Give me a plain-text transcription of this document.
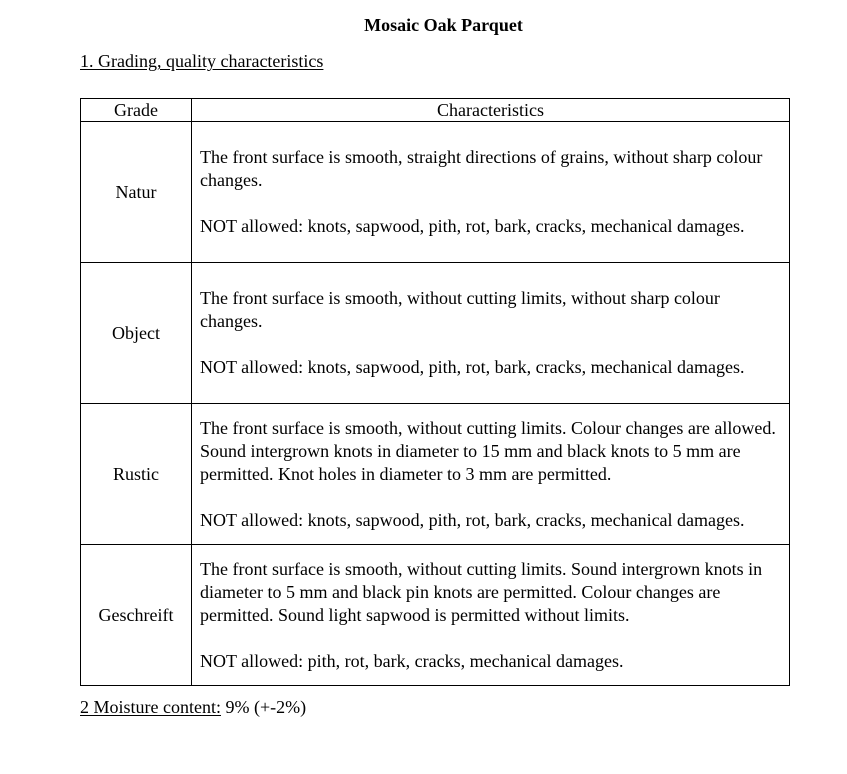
Mosaic Oak Parquet
1. Grading, quality characteristics
Grade	Characteristics
Natur	The front surface is smooth, straight directions of grains, without sharp colour changes.

NOT allowed: knots, sapwood, pith, rot, bark, cracks, mechanical damages.

Object	The front surface is smooth, without cutting limits, without sharp colour changes.

NOT allowed: knots, sapwood, pith, rot, bark, cracks, mechanical damages.

Rustic	The front surface is smooth, without cutting limits. Colour changes are allowed. Sound intergrown knots in diameter to 15 mm and black knots to 5 mm are permitted. Knot holes in diameter to 3 mm are permitted.

NOT allowed: knots, sapwood, pith, rot, bark, cracks, mechanical damages.

Geschreift	The front surface is smooth, without cutting limits. Sound intergrown knots in diameter to 5 mm and black pin knots are permitted. Colour changes are permitted. Sound light sapwood is permitted without limits.

NOT allowed: pith, rot, bark, cracks, mechanical damages.

2 Moisture content: 9% (+-2%)
